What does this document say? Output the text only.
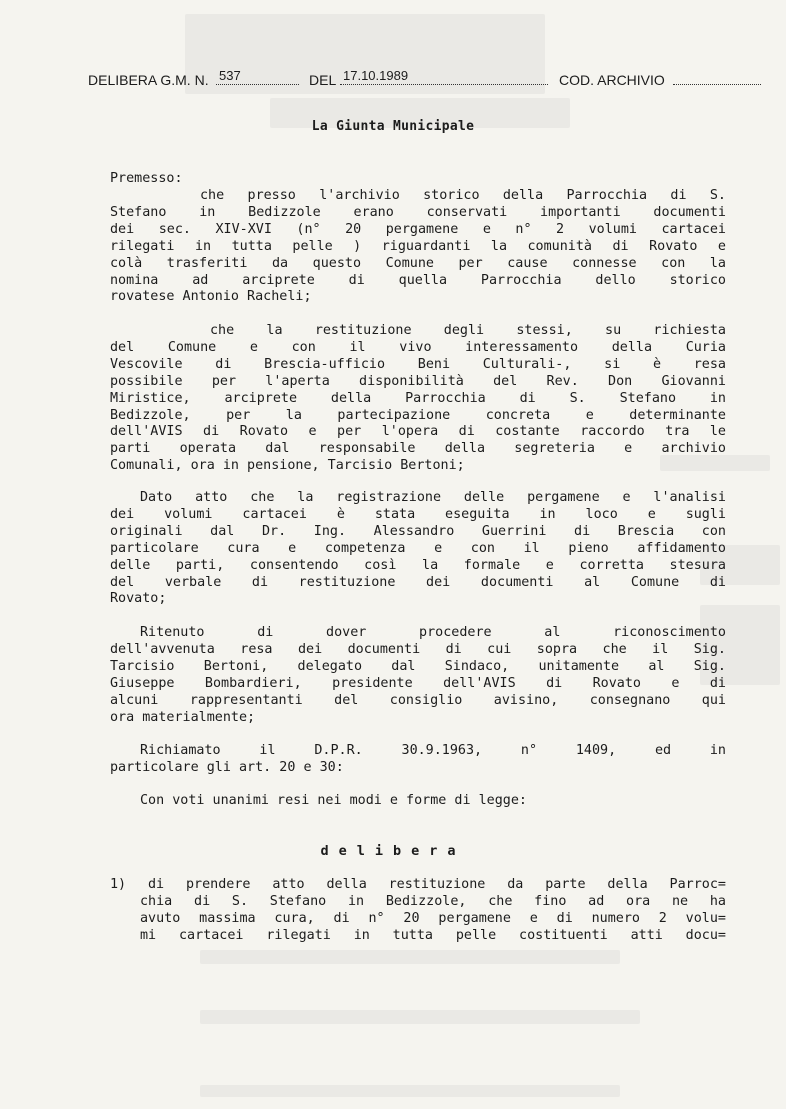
DELIBERA G.M. N. 537	DEL 17.10.1989	COD. ARCHIVIO
La Giunta Municipale
Premesso:
che presso l'archivio storico della Parrocchia di S.
Stefano in Bedizzole erano conservati importanti documenti
dei sec. XIV-XVI (n° 20 pergamene e n° 2 volumi cartacei
rilegati in tutta pelle ) riguardanti la comunità di Rovato e
colà trasferiti da questo Comune per cause connesse con la
nomina ad arciprete di quella Parrocchia dello storico
rovatese Antonio Racheli;
che la restituzione degli stessi, su richiesta
del Comune e con il vivo interessamento della Curia
Vescovile di Brescia-ufficio Beni Culturali-, si è resa
possibile per l'aperta disponibilità del Rev. Don Giovanni
Miristice, arciprete della Parrocchia di S. Stefano in
Bedizzole, per la partecipazione concreta e determinante
dell'AVIS di Rovato e per l'opera di costante raccordo tra le
parti operata dal responsabile della segreteria e archivio
Comunali, ora in pensione, Tarcisio Bertoni;
Dato atto che la registrazione delle pergamene e l'analisi
dei volumi cartacei è stata eseguita in loco e sugli
originali dal Dr. Ing. Alessandro Guerrini di Brescia con
particolare cura e competenza e con il pieno affidamento
delle parti, consentendo così la formale e corretta stesura
del verbale di restituzione dei documenti al Comune di
Rovato;
Ritenuto di dover procedere al riconoscimento
dell'avvenuta resa dei documenti di cui sopra che il Sig.
Tarcisio Bertoni, delegato dal Sindaco, unitamente al Sig.
Giuseppe Bombardieri, presidente dell'AVIS di Rovato e di
alcuni rappresentanti del consiglio avisino, consegnano qui
ora materialmente;
Richiamato il D.P.R. 30.9.1963, n° 1409, ed in
particolare gli art. 20 e 30:
Con voti unanimi resi nei modi e forme di legge:
delibera
1) di prendere atto della restituzione da parte della Parroc=
chia di S. Stefano in Bedizzole, che fino ad ora ne ha
avuto massima cura, di n° 20 pergamene e di numero 2 volu=
mi cartacei rilegati in tutta pelle costituenti atti docu=
